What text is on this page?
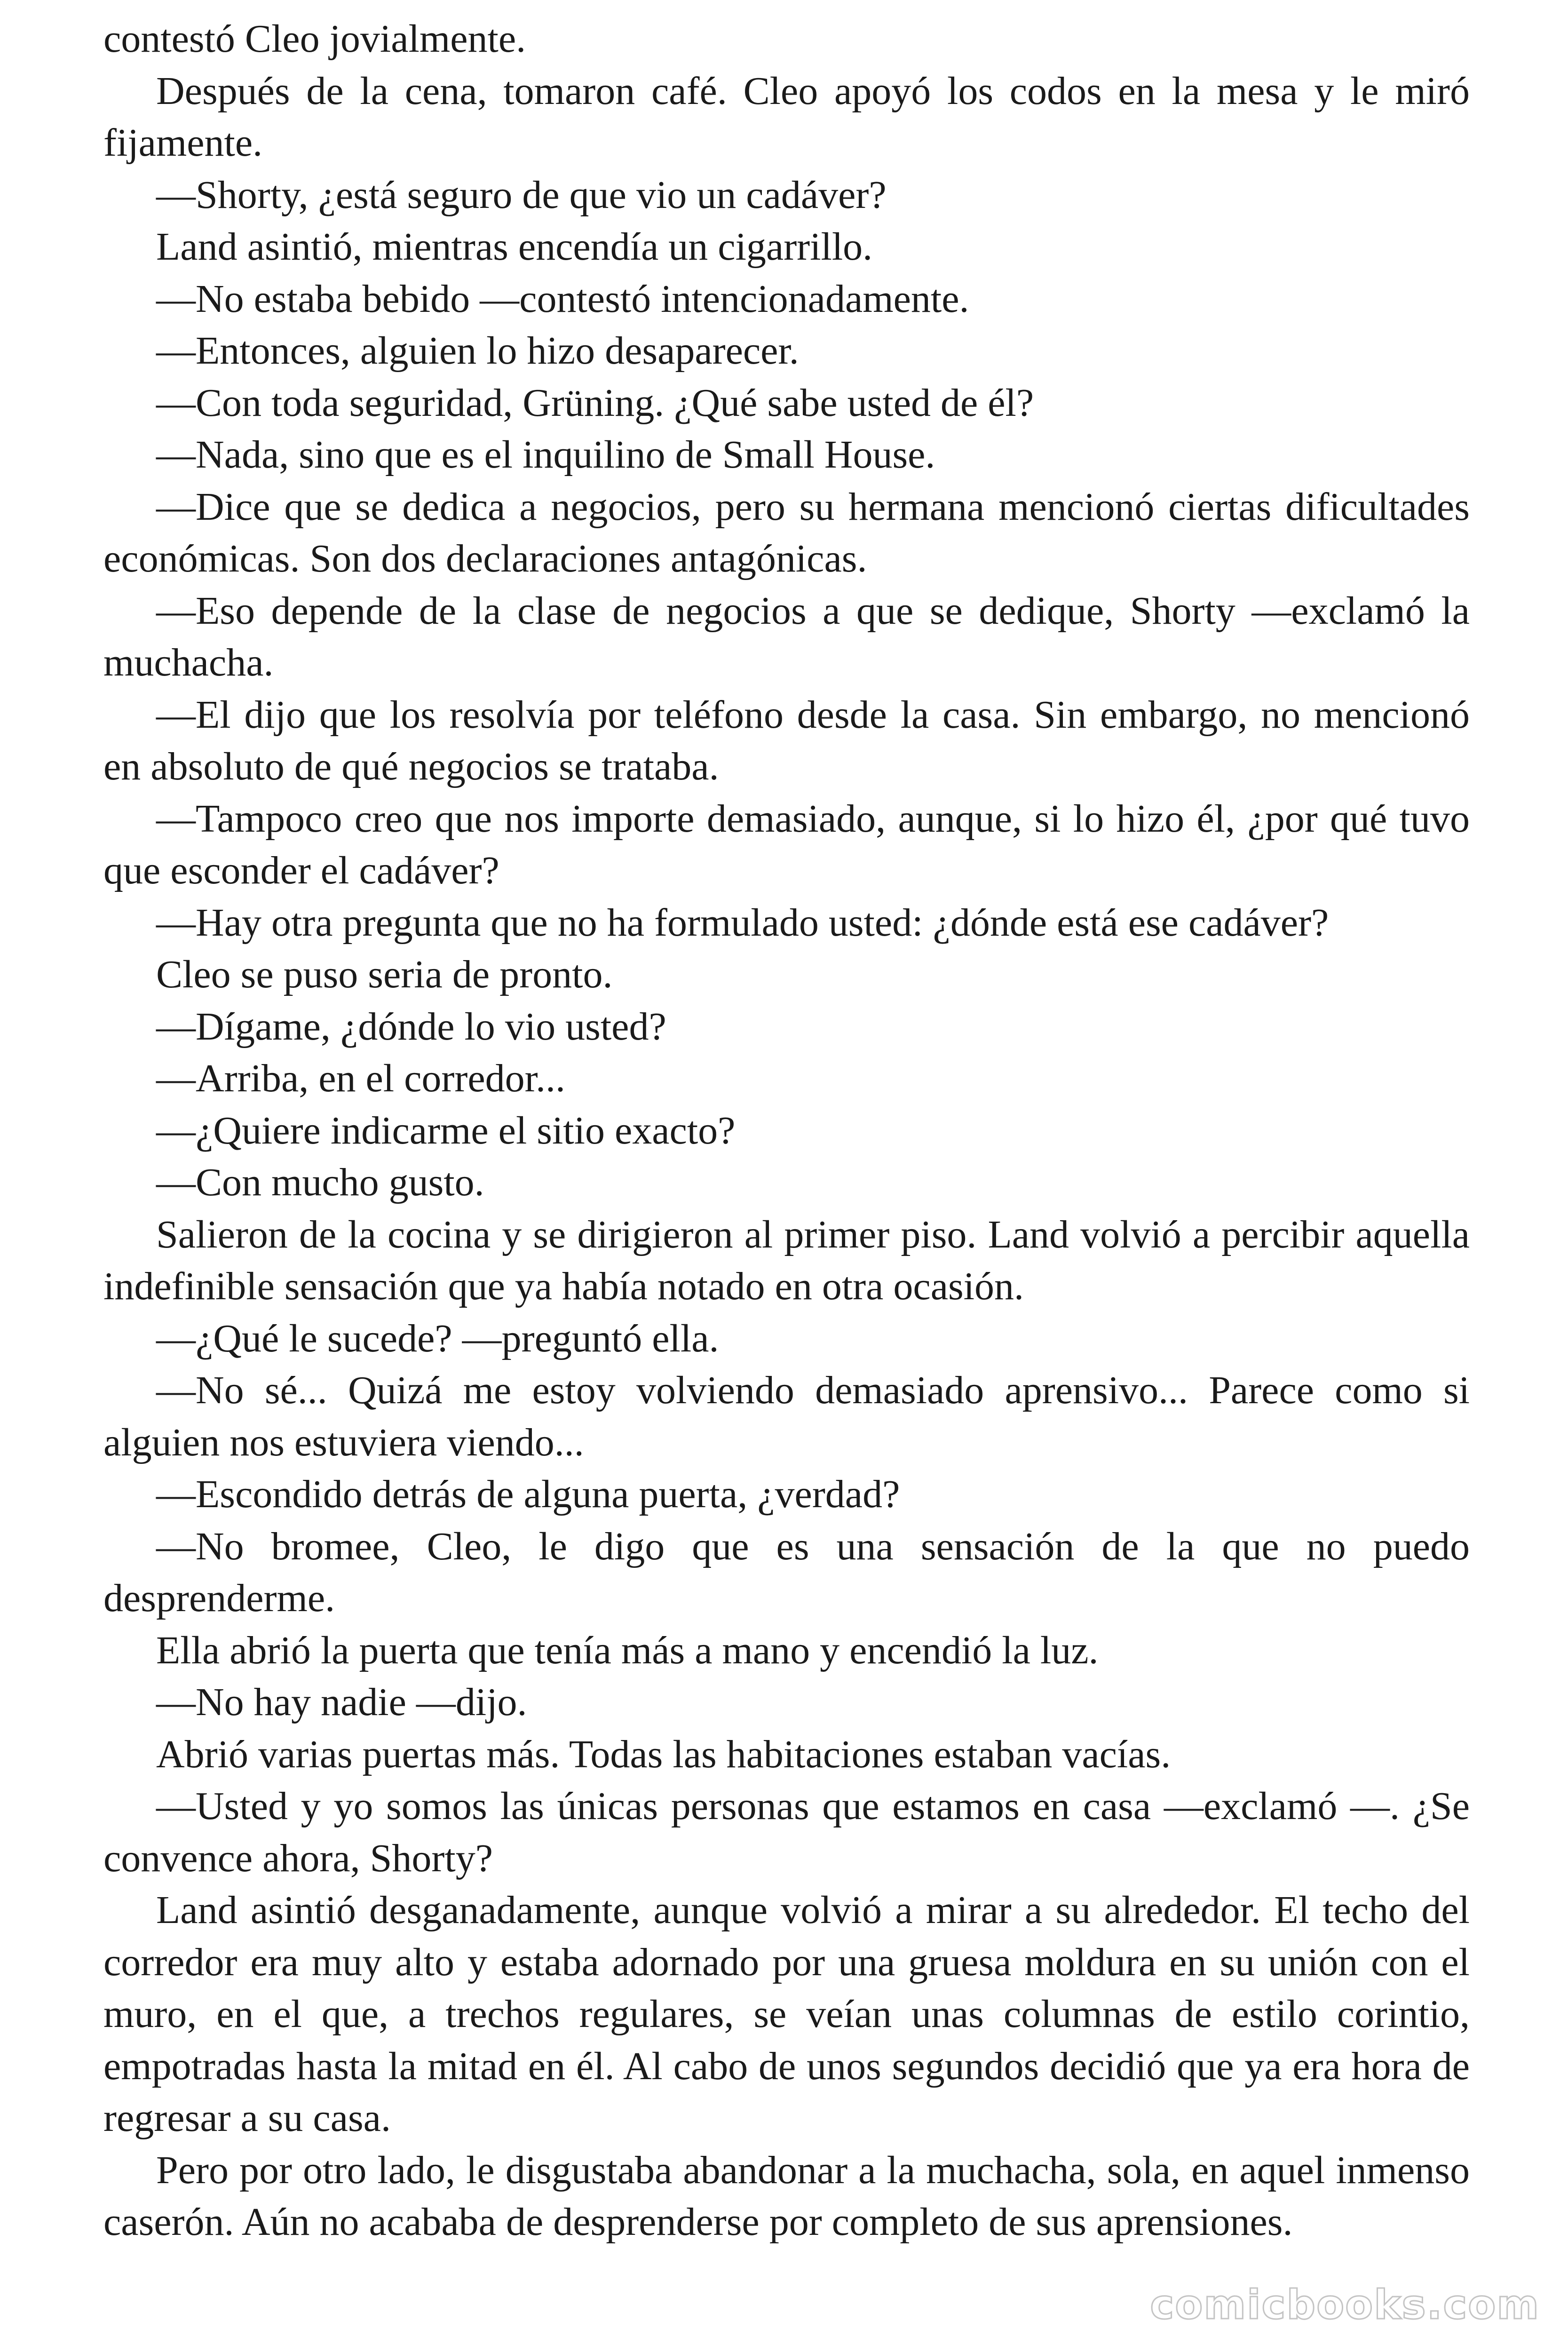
contestó Cleo jovialmente.

Después de la cena, tomaron café. Cleo apoyó los codos en la mesa y le miró fijamente.

—Shorty, ¿está seguro de que vio un cadáver?

Land asintió, mientras encendía un cigarrillo.

—No estaba bebido —contestó intencionadamente.

—Entonces, alguien lo hizo desaparecer.

—Con toda seguridad, Grüning. ¿Qué sabe usted de él?

—Nada, sino que es el inquilino de Small House.

—Dice que se dedica a negocios, pero su hermana mencionó ciertas dificultades económicas. Son dos declaraciones antagónicas.

—Eso depende de la clase de negocios a que se dedique, Shorty —exclamó la muchacha.

—El dijo que los resolvía por teléfono desde la casa. Sin embargo, no mencionó en absoluto de qué negocios se trataba.

—Tampoco creo que nos importe demasiado, aunque, si lo hizo él, ¿por qué tuvo que esconder el cadáver?

—Hay otra pregunta que no ha formulado usted: ¿dónde está ese cadáver?

Cleo se puso seria de pronto.

—Dígame, ¿dónde lo vio usted?

—Arriba, en el corredor...

—¿Quiere indicarme el sitio exacto?

—Con mucho gusto.

Salieron de la cocina y se dirigieron al primer piso. Land volvió a percibir aquella indefinible sensación que ya había notado en otra ocasión.

—¿Qué le sucede? —preguntó ella.

—No sé... Quizá me estoy volviendo demasiado aprensivo... Parece como si alguien nos estuviera viendo...

—Escondido detrás de alguna puerta, ¿verdad?

—No bromee, Cleo, le digo que es una sensación de la que no puedo desprenderme.

Ella abrió la puerta que tenía más a mano y encendió la luz.

—No hay nadie —dijo.

Abrió varias puertas más. Todas las habitaciones estaban vacías.

—Usted y yo somos las únicas personas que estamos en casa —exclamó —. ¿Se convence ahora, Shorty?

Land asintió desganadamente, aunque volvió a mirar a su alrededor. El techo del corredor era muy alto y estaba adornado por una gruesa moldura en su unión con el muro, en el que, a trechos regulares, se veían unas columnas de estilo corintio, empotradas hasta la mitad en él. Al cabo de unos segundos decidió que ya era hora de regresar a su casa.

Pero por otro lado, le disgustaba abandonar a la muchacha, sola, en aquel inmenso caserón. Aún no acababa de desprenderse por completo de sus aprensiones.

comicbooks.com
